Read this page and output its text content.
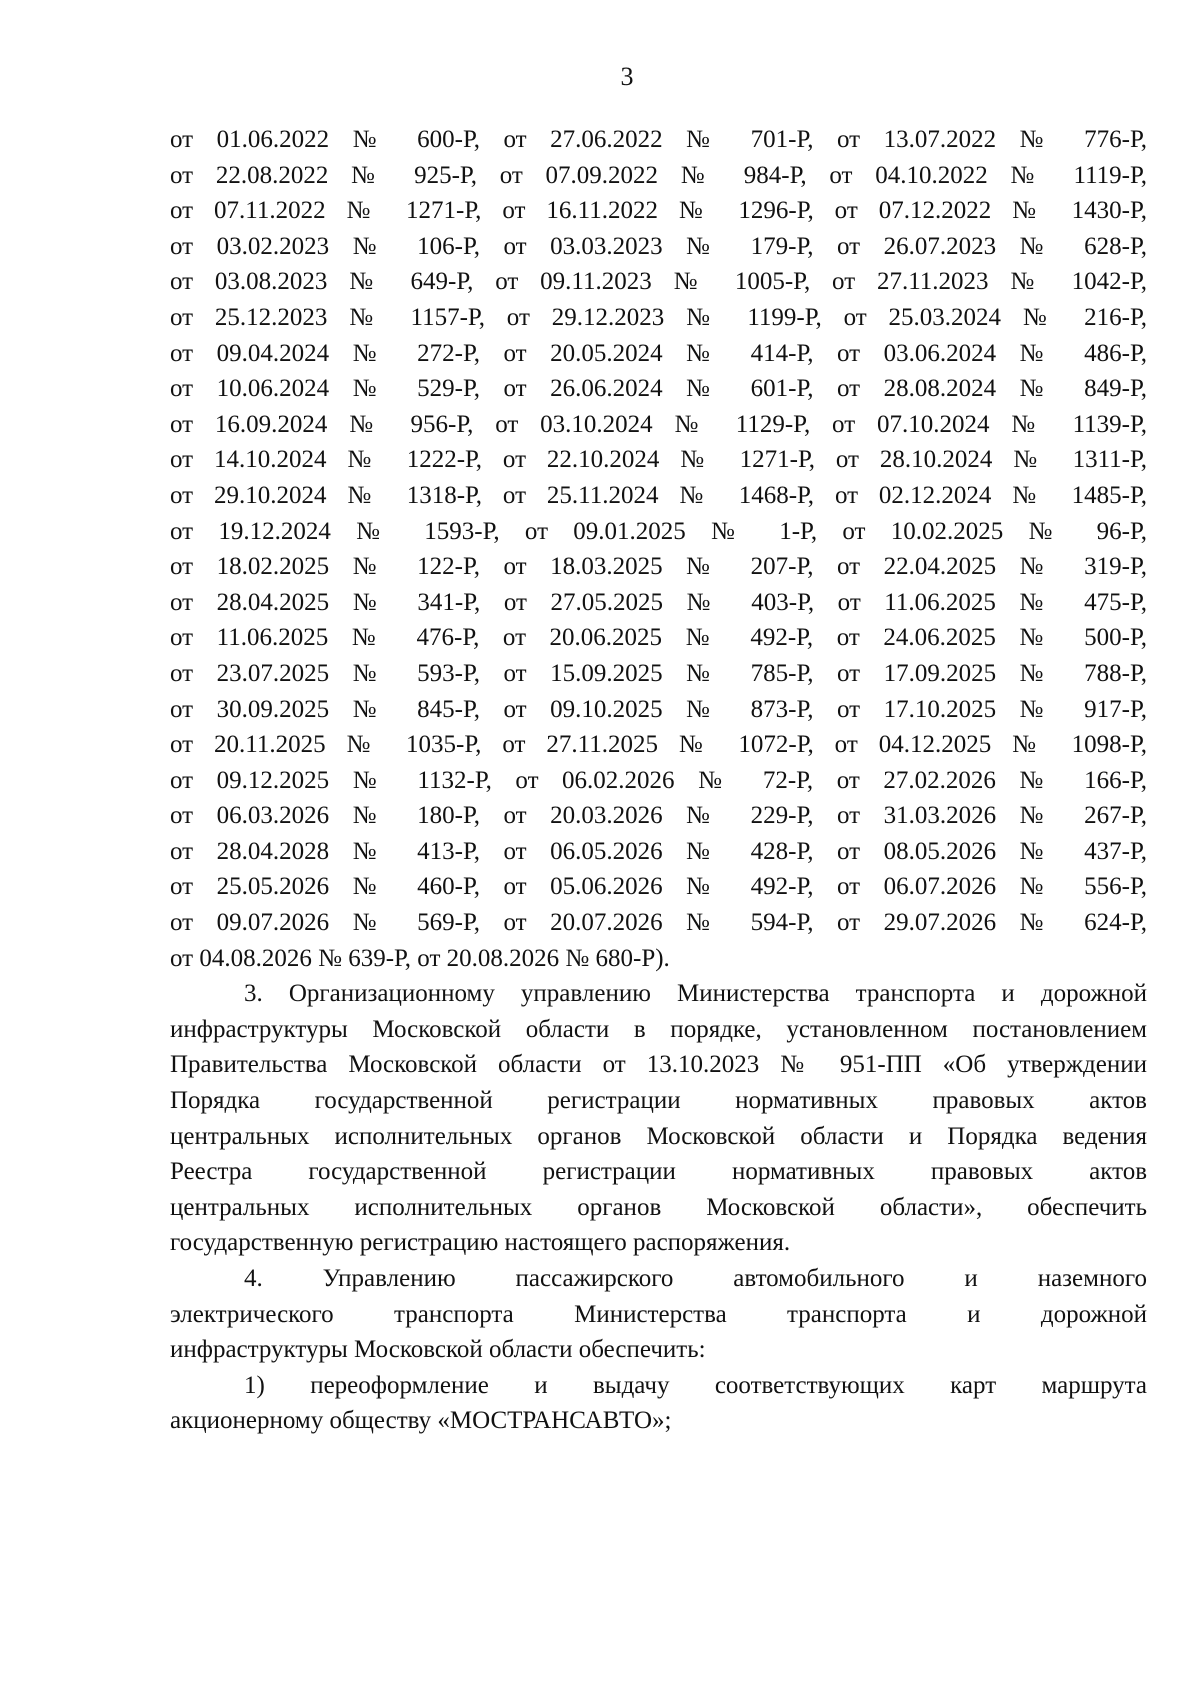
3
от 01.06.2022 № 600-Р, от 27.06.2022 № 701-Р, от 13.07.2022 № 776-Р,
от 22.08.2022 № 925-Р, от 07.09.2022 № 984-Р, от 04.10.2022 № 1119-Р,
от 07.11.2022 № 1271-Р, от 16.11.2022 № 1296-Р, от 07.12.2022 № 1430-Р,
от 03.02.2023 № 106-Р, от 03.03.2023 № 179-Р, от 26.07.2023 № 628-Р,
от 03.08.2023 № 649-Р, от 09.11.2023 № 1005-Р, от 27.11.2023 № 1042-Р,
от 25.12.2023 № 1157-Р, от 29.12.2023 № 1199-Р, от 25.03.2024 № 216-Р,
от 09.04.2024 № 272-Р, от 20.05.2024 № 414-Р, от 03.06.2024 № 486-Р,
от 10.06.2024 № 529-Р, от 26.06.2024 № 601-Р, от 28.08.2024 № 849-Р,
от 16.09.2024 № 956-Р, от 03.10.2024 № 1129-Р, от 07.10.2024 № 1139-Р,
от 14.10.2024 № 1222-Р, от 22.10.2024 № 1271-Р, от 28.10.2024 № 1311-Р,
от 29.10.2024 № 1318-Р, от 25.11.2024 № 1468-Р, от 02.12.2024 № 1485-Р,
от 19.12.2024 № 1593-Р, от 09.01.2025 № 1-Р, от 10.02.2025 № 96-Р,
от 18.02.2025 № 122-Р, от 18.03.2025 № 207-Р, от 22.04.2025 № 319-Р,
от 28.04.2025 № 341-Р, от 27.05.2025 № 403-Р, от 11.06.2025 № 475-Р,
от 11.06.2025 № 476-Р, от 20.06.2025 № 492-Р, от 24.06.2025 № 500-Р,
от 23.07.2025 № 593-Р, от 15.09.2025 № 785-Р, от 17.09.2025 № 788-Р,
от 30.09.2025 № 845-Р, от 09.10.2025 № 873-Р, от 17.10.2025 № 917-Р,
от 20.11.2025 № 1035-Р, от 27.11.2025 № 1072-Р, от 04.12.2025 № 1098-Р,
от 09.12.2025 № 1132-Р, от 06.02.2026 № 72-Р, от 27.02.2026 № 166-Р,
от 06.03.2026 № 180-Р, от 20.03.2026 № 229-Р, от 31.03.2026 № 267-Р,
от 28.04.2028 № 413-Р, от 06.05.2026 № 428-Р, от 08.05.2026 № 437-Р,
от 25.05.2026 № 460-Р, от 05.06.2026 № 492-Р, от 06.07.2026 № 556-Р,
от 09.07.2026 № 569-Р, от 20.07.2026 № 594-Р, от 29.07.2026 № 624-Р,
от 04.08.2026 № 639-Р, от 20.08.2026 № 680-Р).
3. Организационному управлению Министерства транспорта и дорожной
инфраструктуры Московской области в порядке, установленном постановлением
Правительства Московской области от 13.10.2023 № 951-ПП «Об утверждении
Порядка государственной регистрации нормативных правовых актов
центральных исполнительных органов Московской области и Порядка ведения
Реестра государственной регистрации нормативных правовых актов
центральных исполнительных органов Московской области», обеспечить
государственную регистрацию настоящего распоряжения.
4. Управлению пассажирского автомобильного и наземного
электрического транспорта Министерства транспорта и дорожной
инфраструктуры Московской области обеспечить:
1) переоформление и выдачу соответствующих карт маршрута
акционерному обществу «МОСТРАНСАВТО»;
